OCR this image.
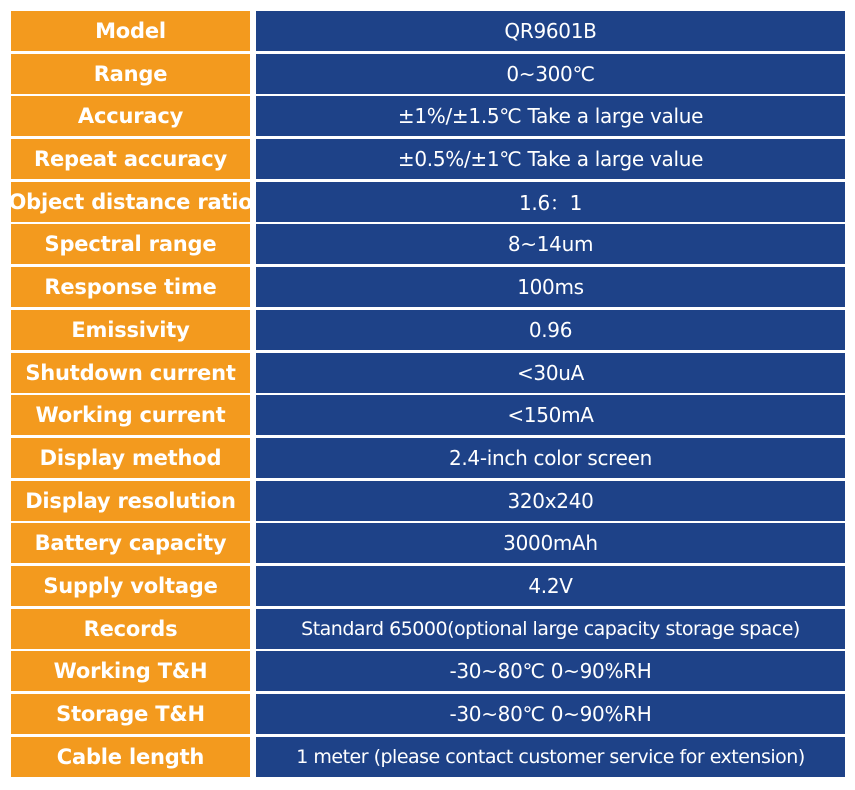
Model	QR9601B
Range	0~300℃
Accuracy	±1%/±1.5℃ Take a large value
Repeat accuracy	±0.5%/±1℃ Take a large value
Object distance ratio	1.6：1
Spectral range	8~14um
Response time	100ms
Emissivity	0.96
Shutdown current	<30uA
Working current	<150mA
Display method	2.4-inch color screen
Display resolution	320x240
Battery capacity	3000mAh
Supply voltage	4.2V
Records	Standard 65000(optional large capacity storage space)
Working T&H	-30~80℃ 0~90%RH
Storage T&H	-30~80℃ 0~90%RH
Cable length	1 meter (please contact customer service for extension)
